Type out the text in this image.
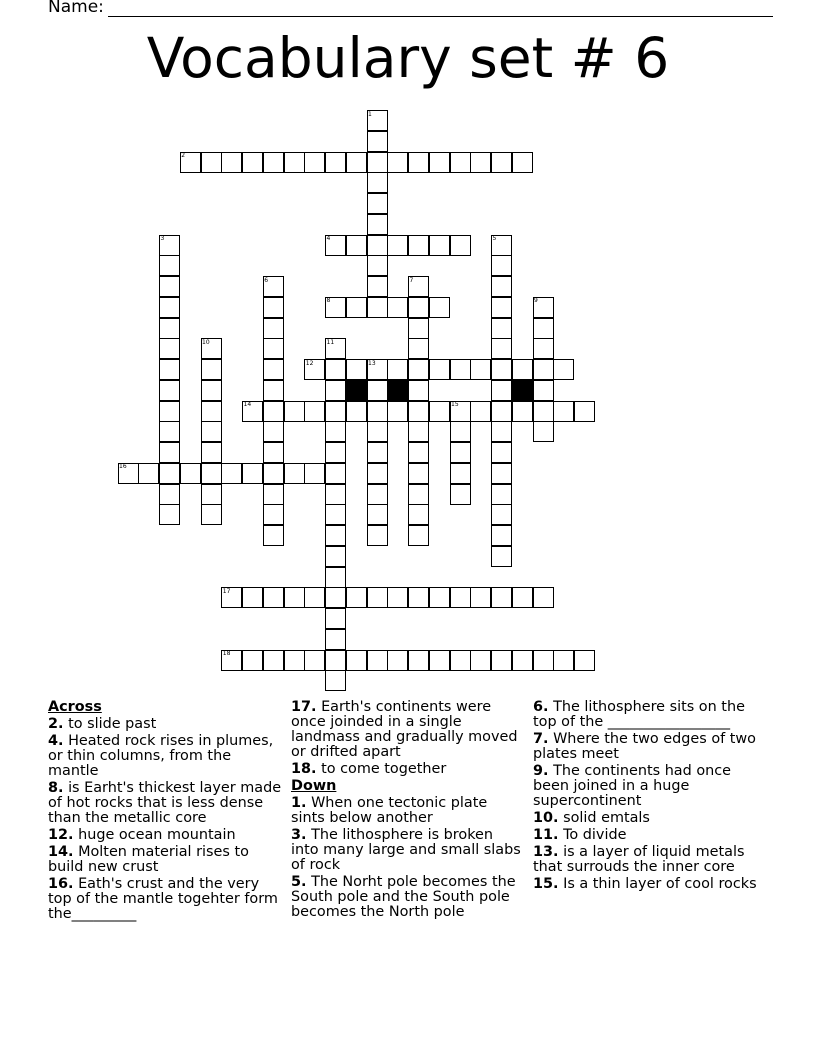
Name:
Vocabulary set # 6
1
2
3	4	5
6	7
8	9
10	11
12	13
14	15
16
17
18
Across
2. to slide past
4. Heated rock rises in plumes, or thin columns, from the mantle
8. is Earht's thickest layer made of hot rocks that is less dense than the metallic core
12. huge ocean mountain
14. Molten material rises to build new crust
16. Eath's crust and the very top of the mantle togehter form the_________
17. Earth's continents were once joinded in a single landmass and gradually moved or drifted apart
18. to come together
Down
1. When one tectonic plate sints below another
3. The lithosphere is broken into many large and small slabs of rock
5. The Norht pole becomes the South pole and the South pole becomes the North pole
6. The lithosphere sits on the top of the _________________
7. Where the two edges of two plates meet
9. The continents had once been joined in a huge supercontinent
10. solid emtals
11. To divide
13. is a layer of liquid metals that surrouds the inner core
15. Is a thin layer of cool rocks
